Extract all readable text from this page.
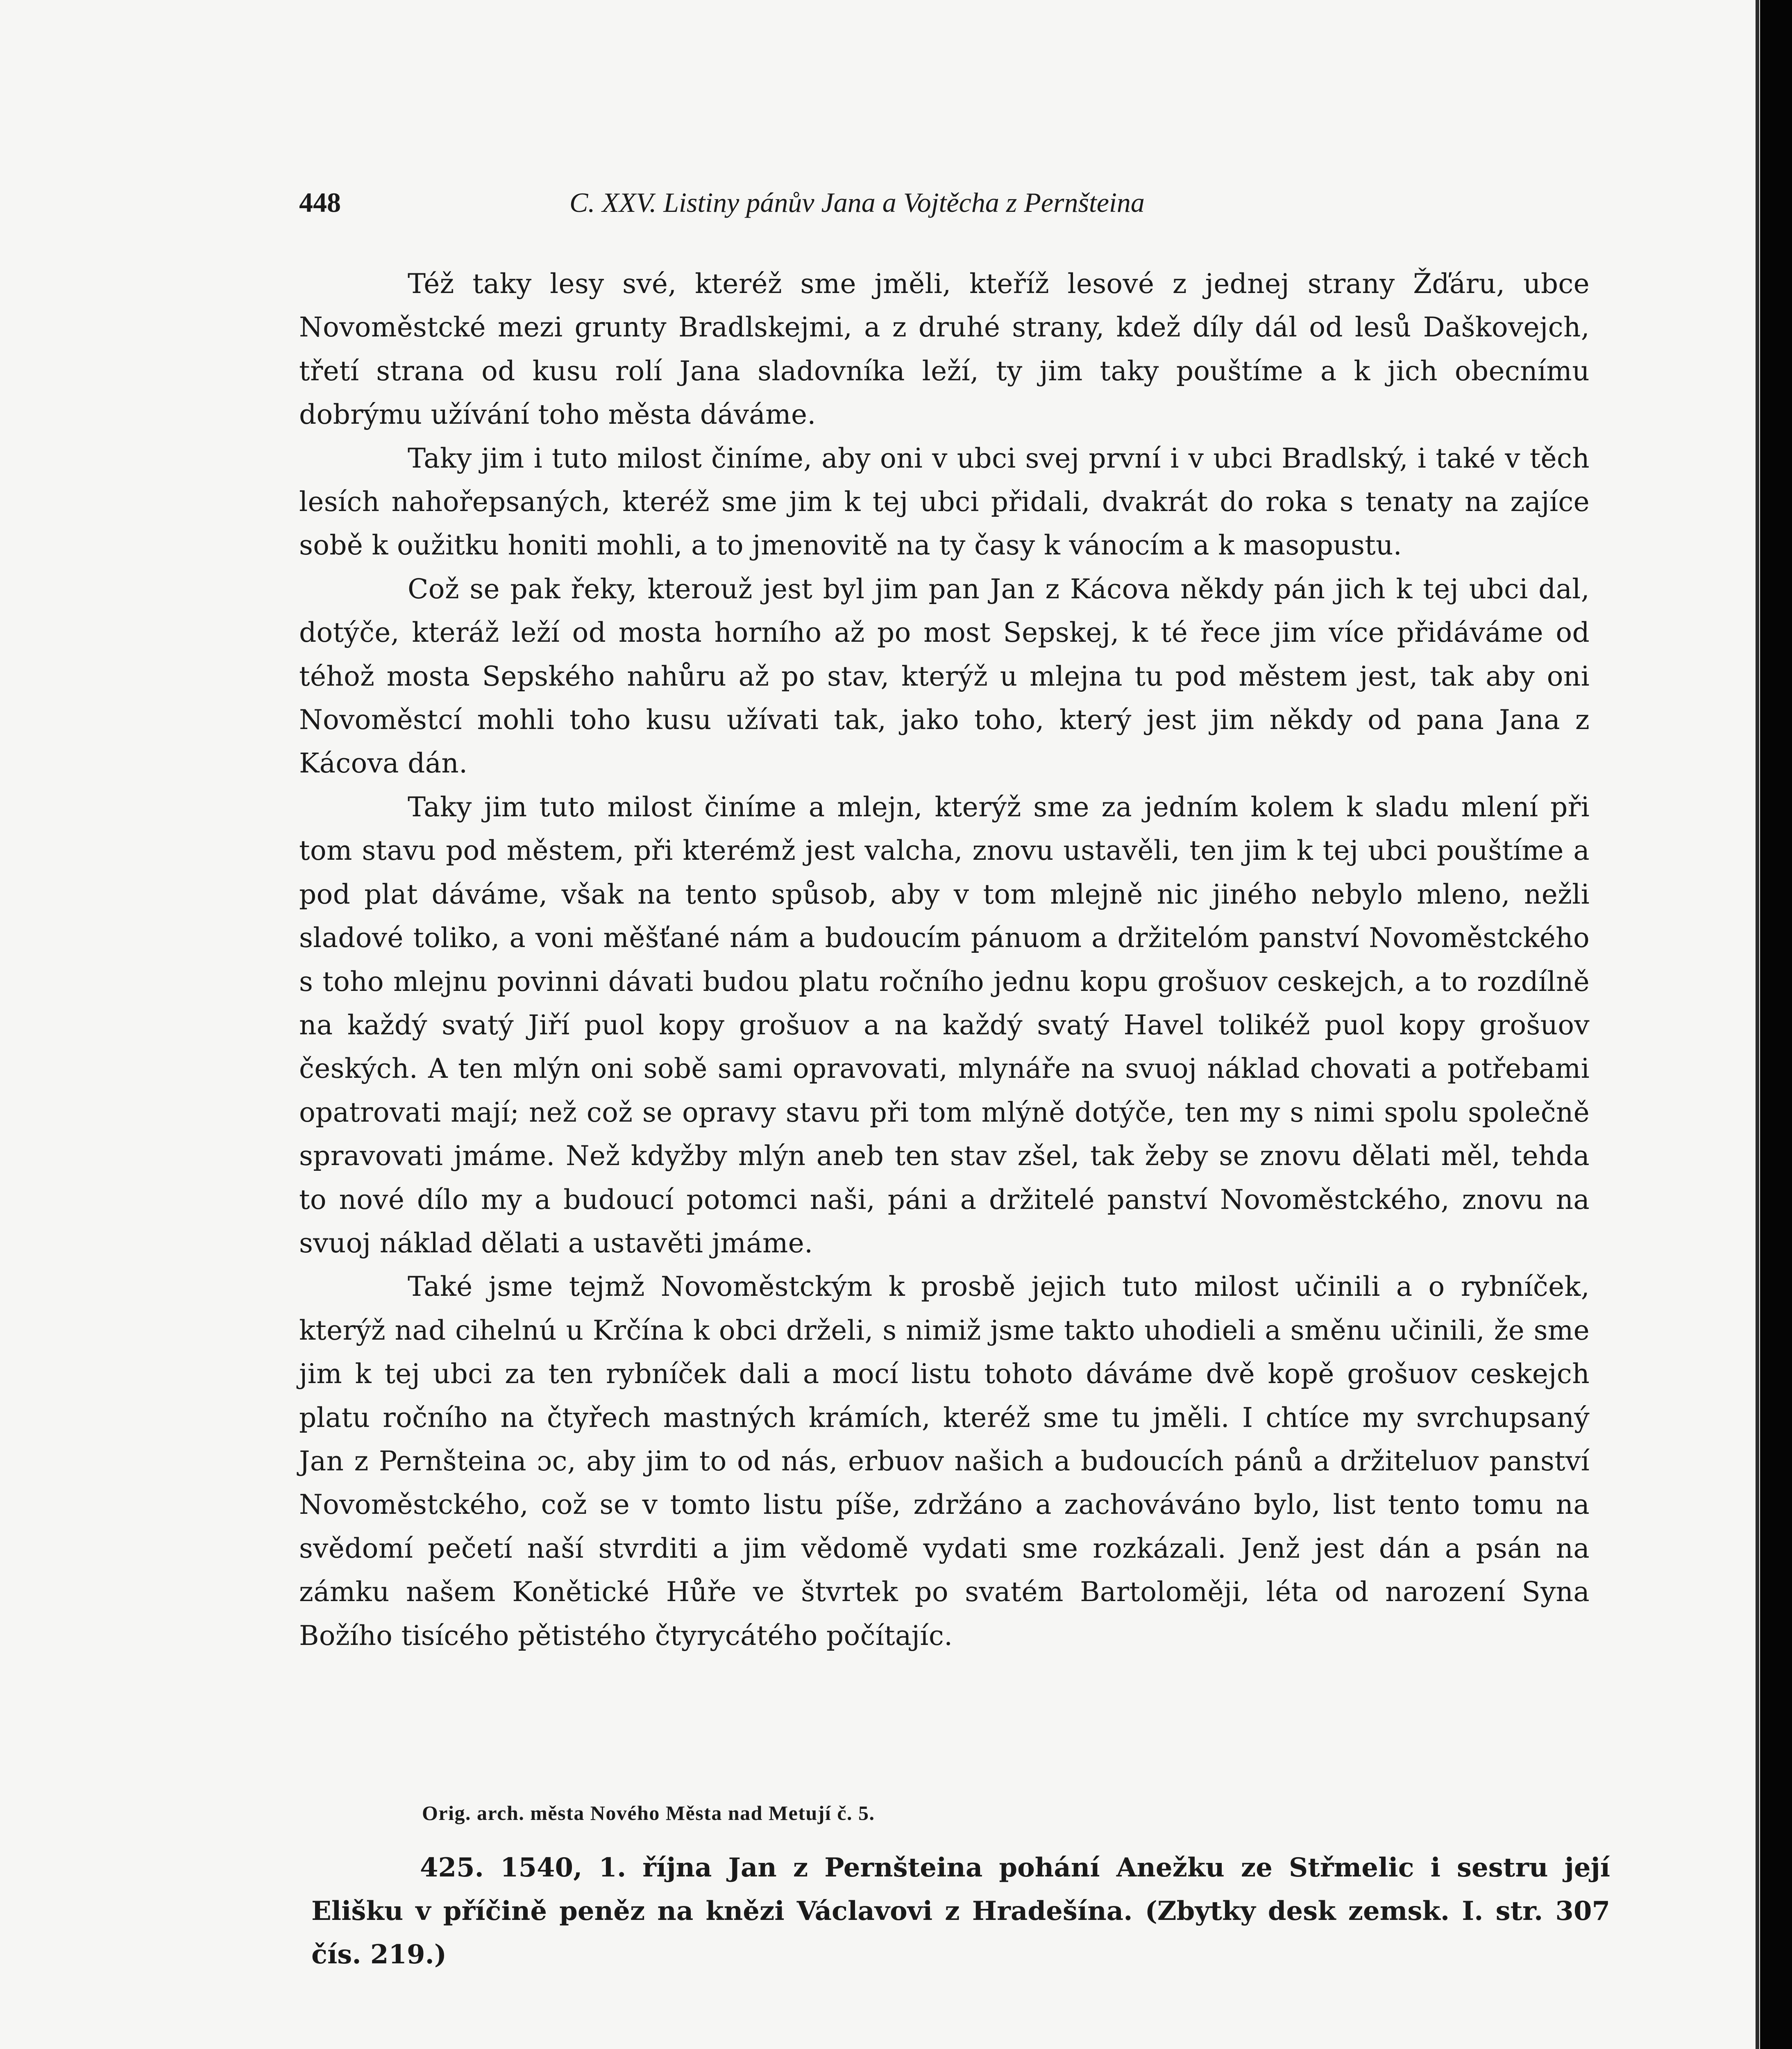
448	C. XXV. Listiny pánův Jana a Vojtěcha z Pernšteina

Též taky lesy své, kteréž sme jměli, kteříž lesové z jednej strany Žďáru, ubce Novoměstcké mezi grunty Bradlskejmi, a z druhé strany, kdež díly dál od lesů Daškovejch, třetí strana od kusu rolí Jana sladovníka leží, ty jim taky pouštíme a k jich obecnímu dobrýmu užívání toho města dáváme.

Taky jim i tuto milost činíme, aby oni v ubci svej první i v ubci Bradlský, i také v těch lesích nahořepsaných, kteréž sme jim k tej ubci přidali, dvakrát do roka s tenaty na zajíce sobě k oužitku honiti mohli, a to jmenovitě na ty časy k vánocím a k masopustu.

Což se pak řeky, kterouž jest byl jim pan Jan z Kácova někdy pán jich k tej ubci dal, dotýče, kteráž leží od mosta horního až po most Sepskej, k té řece jim více přidáváme od téhož mosta Sepského nahůru až po stav, kterýž u mlejna tu pod městem jest, tak aby oni Novoměstcí mohli toho kusu užívati tak, jako toho, který jest jim někdy od pana Jana z Kácova dán.

Taky jim tuto milost činíme a mlejn, kterýž sme za jedním kolem k sladu mlení při tom stavu pod městem, při kterémž jest valcha, znovu ustavěli, ten jim k tej ubci pouštíme a pod plat dáváme, však na tento spůsob, aby v tom mlejně nic jiného nebylo mleno, nežli sladové toliko, a voni měšťané nám a budoucím pánuom a držitelóm panství Novoměstckého s toho mlejnu povinni dávati budou platu ročního jednu kopu grošuov ceskejch, a to rozdílně na každý svatý Jiří puol kopy grošuov a na každý svatý Havel tolikéž puol kopy grošuov českých. A ten mlýn oni sobě sami opravovati, mlynáře na svuoj náklad chovati a potřebami opatrovati mají; než což se opravy stavu při tom mlýně dotýče, ten my s nimi spolu společně spravovati jmáme. Než kdyžby mlýn aneb ten stav zšel, tak žeby se znovu dělati měl, tehda to nové dílo my a budoucí potomci naši, páni a držitelé panství Novoměstckého, znovu na svuoj náklad dělati a ustavěti jmáme.

Také jsme tejmž Novoměstckým k prosbě jejich tuto milost učinili a o rybníček, kterýž nad cihelnú u Krčína k obci drželi, s nimiž jsme takto uhodieli a směnu učinili, že sme jim k tej ubci za ten rybníček dali a mocí listu tohoto dáváme dvě kopě grošuov ceskejch platu ročního na čtyřech mastných krámích, kteréž sme tu jměli. I chtíce my svrchupsaný Jan z Pernšteina ɔc, aby jim to od nás, erbuov našich a budoucích pánů a držiteluov panství Novoměstckého, což se v tomto listu píše, zdržáno a zachováváno bylo, list tento tomu na svědomí pečetí naší stvrditi a jim vědomě vydati sme rozkázali. Jenž jest dán a psán na zámku našem Konětické Hůře ve štvrtek po svatém Bartoloměji, léta od narození Syna Božího tisícého pětistého čtyrycátého počítajíc.

Orig. arch. města Nového Města nad Metují č. 5.

425. 1540, 1. října Jan z Pernšteina pohání Anežku ze Střmelic i sestru její Elišku v příčině peněz na knězi Václavovi z Hradešína. (Zbytky desk zemsk. I. str. 307 čís. 219.)
